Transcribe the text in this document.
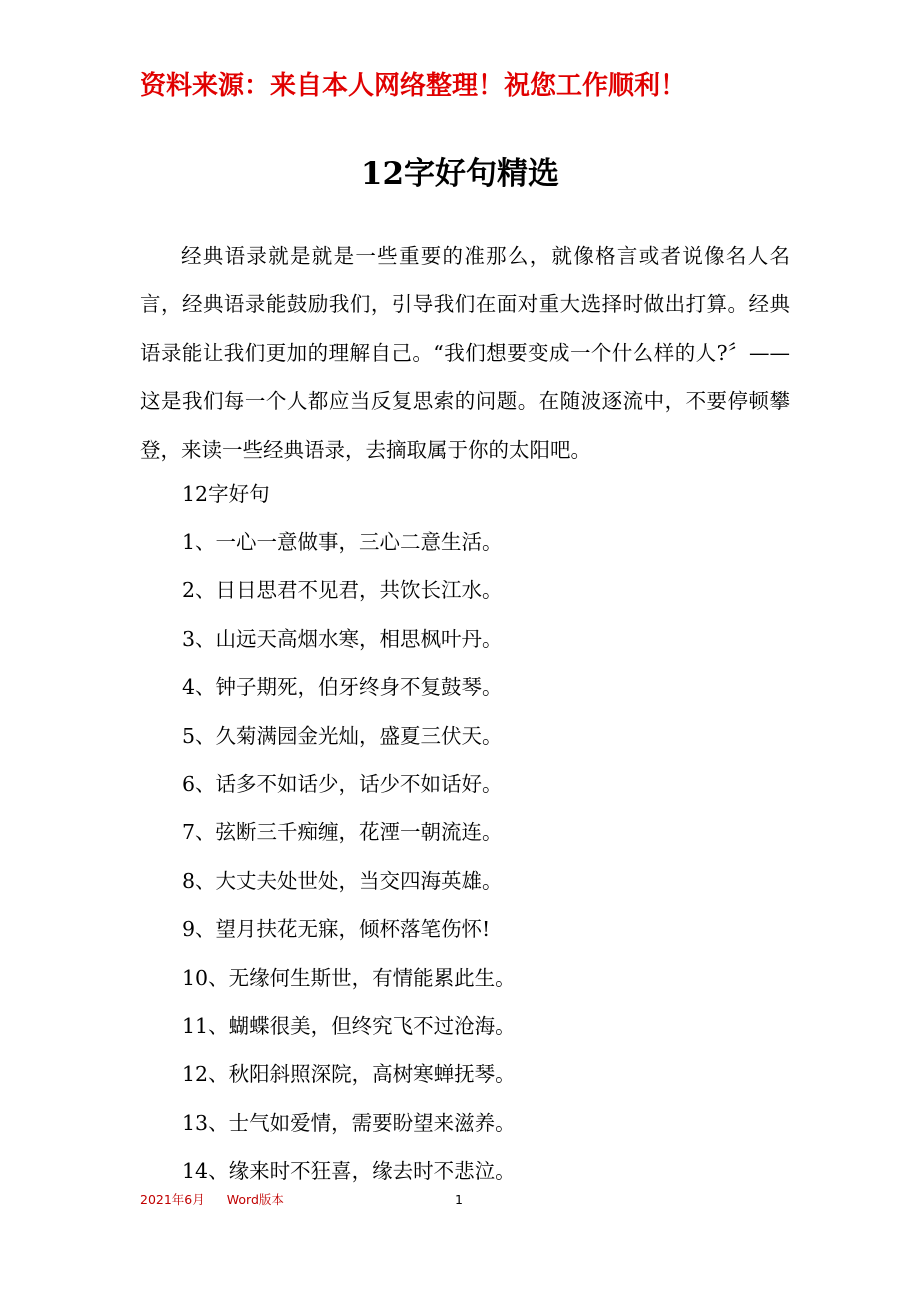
资料来源：来自本人网络整理！祝您工作顺利！
12字好句精选

经典语录就是就是一些重要的准那么，就像格言或者说像名人名言，经典语录能鼓励我们，引导我们在面对重大选择时做出打算。经典语录能让我们更加的理解自己。“我们想要变成一个什么样的人?〞——这是我们每一个人都应当反复思索的问题。在随波逐流中，不要停顿攀登，来读一些经典语录，去摘取属于你的太阳吧。

12字好句

1、一心一意做事，三心二意生活。
2、日日思君不见君，共饮长江水。
3、山远天高烟水寒，相思枫叶丹。
4、钟子期死，伯牙终身不复鼓琴。
5、久菊满园金光灿，盛夏三伏天。
6、话多不如话少，话少不如话好。
7、弦断三千痴缠，花湮一朝流连。
8、大丈夫处世处，当交四海英雄。
9、望月扶花无寐，倾杯落笔伤怀!
10、无缘何生斯世，有情能累此生。
11、蝴蝶很美，但终究飞不过沧海。
12、秋阳斜照深院，高树寒蝉抚琴。
13、士气如爱情，需要盼望来滋养。
14、缘来时不狂喜，缘去时不悲泣。
2021年6月 Word版本	1
